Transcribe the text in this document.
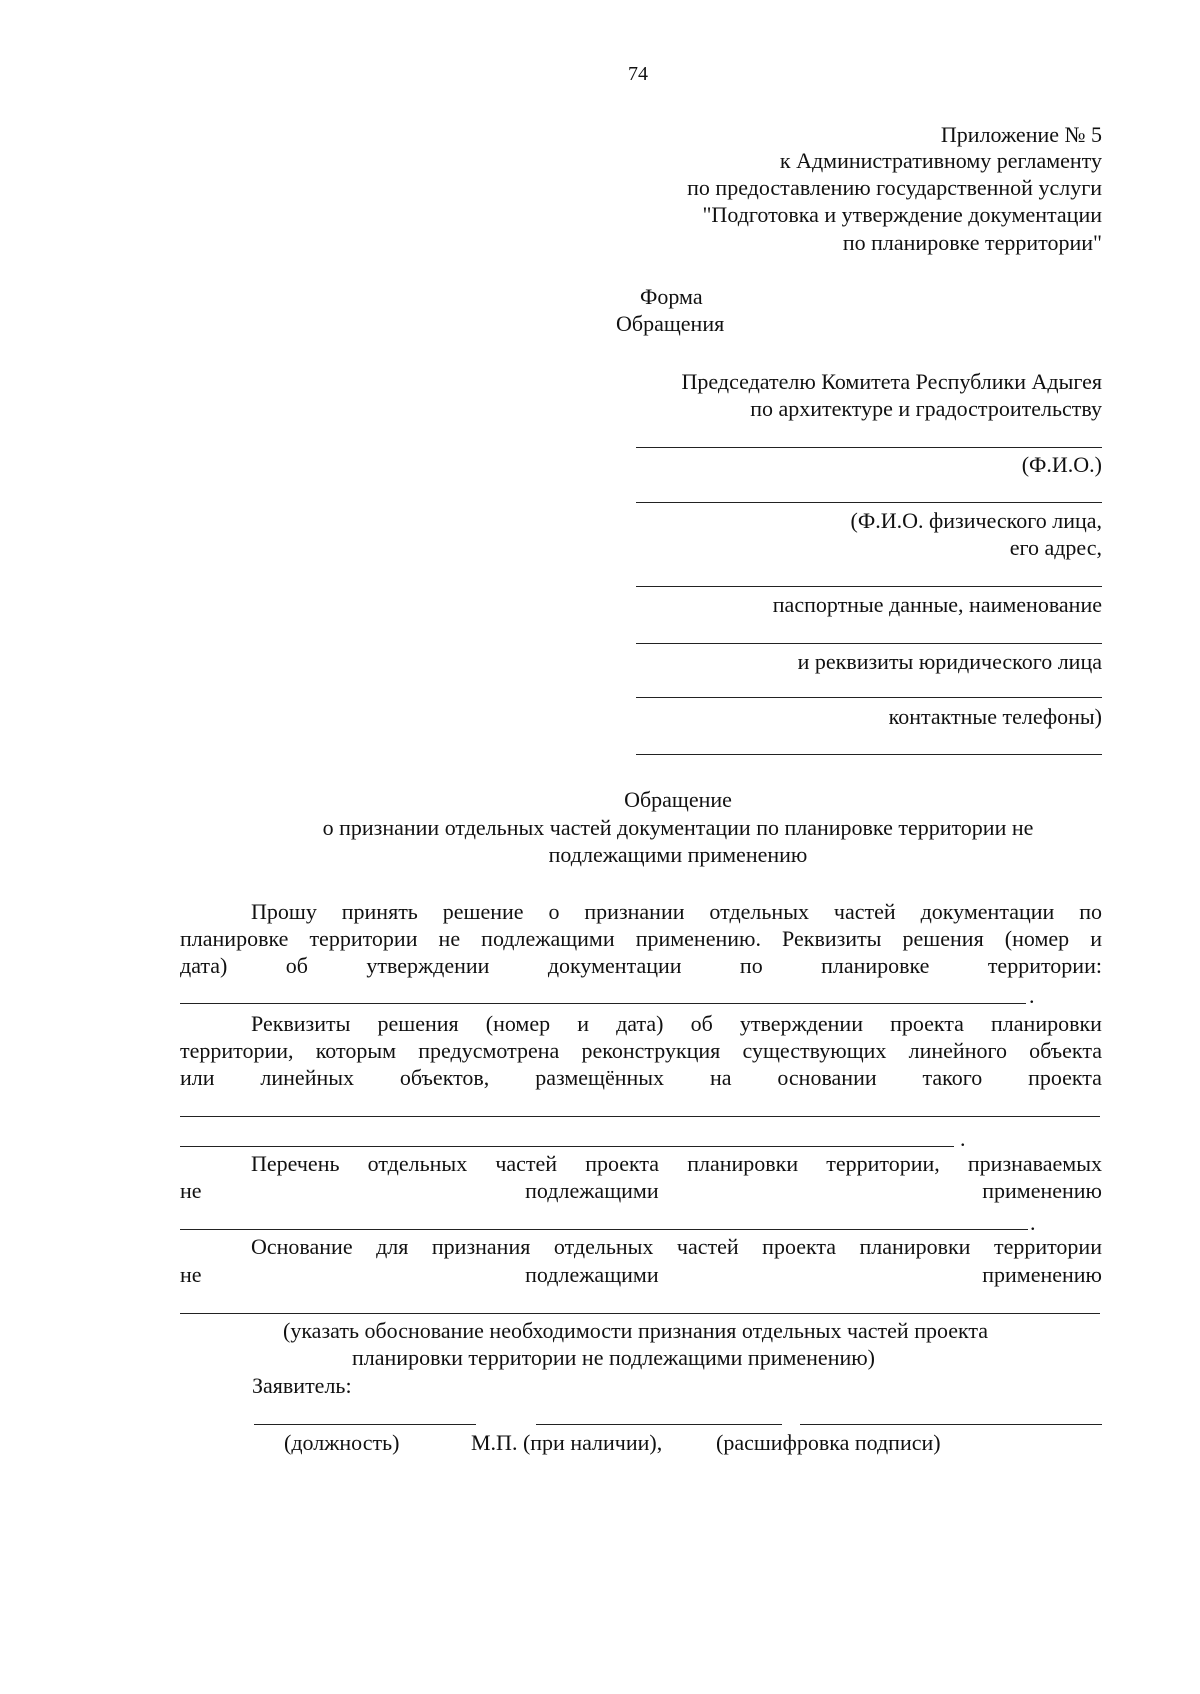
74
Приложение № 5
к Административному регламенту
по предоставлению государственной услуги
"Подготовка и утверждение документации
по планировке территории"
Форма
Обращения
Председателю Комитета Республики Адыгея
по архитектуре и градостроительству
(Ф.И.О.)
(Ф.И.О. физического лица,
его адрес,
паспортные данные, наименование
и реквизиты юридического лица
контактные телефоны)
Обращение
о признании отдельных частей документации по планировке территории не
подлежащими применению
Прошу принять решение о признании отдельных частей документации по
планировке территории не подлежащими применению. Реквизиты решения (номер и
дата)	об	утверждении	документации	по	планировке	территории:
.
Реквизиты решения (номер и дата) об утверждении проекта планировки
территории, которым предусмотрена реконструкция существующих линейного объекта
или линейных объектов, размещённых на основании такого проекта
.
Перечень отдельных частей проекта планировки территории, признаваемых
не	подлежащими	применению
.
Основание для признания отдельных частей проекта планировки территории
не	подлежащими	применению
(указать обоснование необходимости признания отдельных частей проекта
планировки территории не подлежащими применению)
Заявитель:
(должность)	М.П. (при наличии), (расшифровка подписи)
